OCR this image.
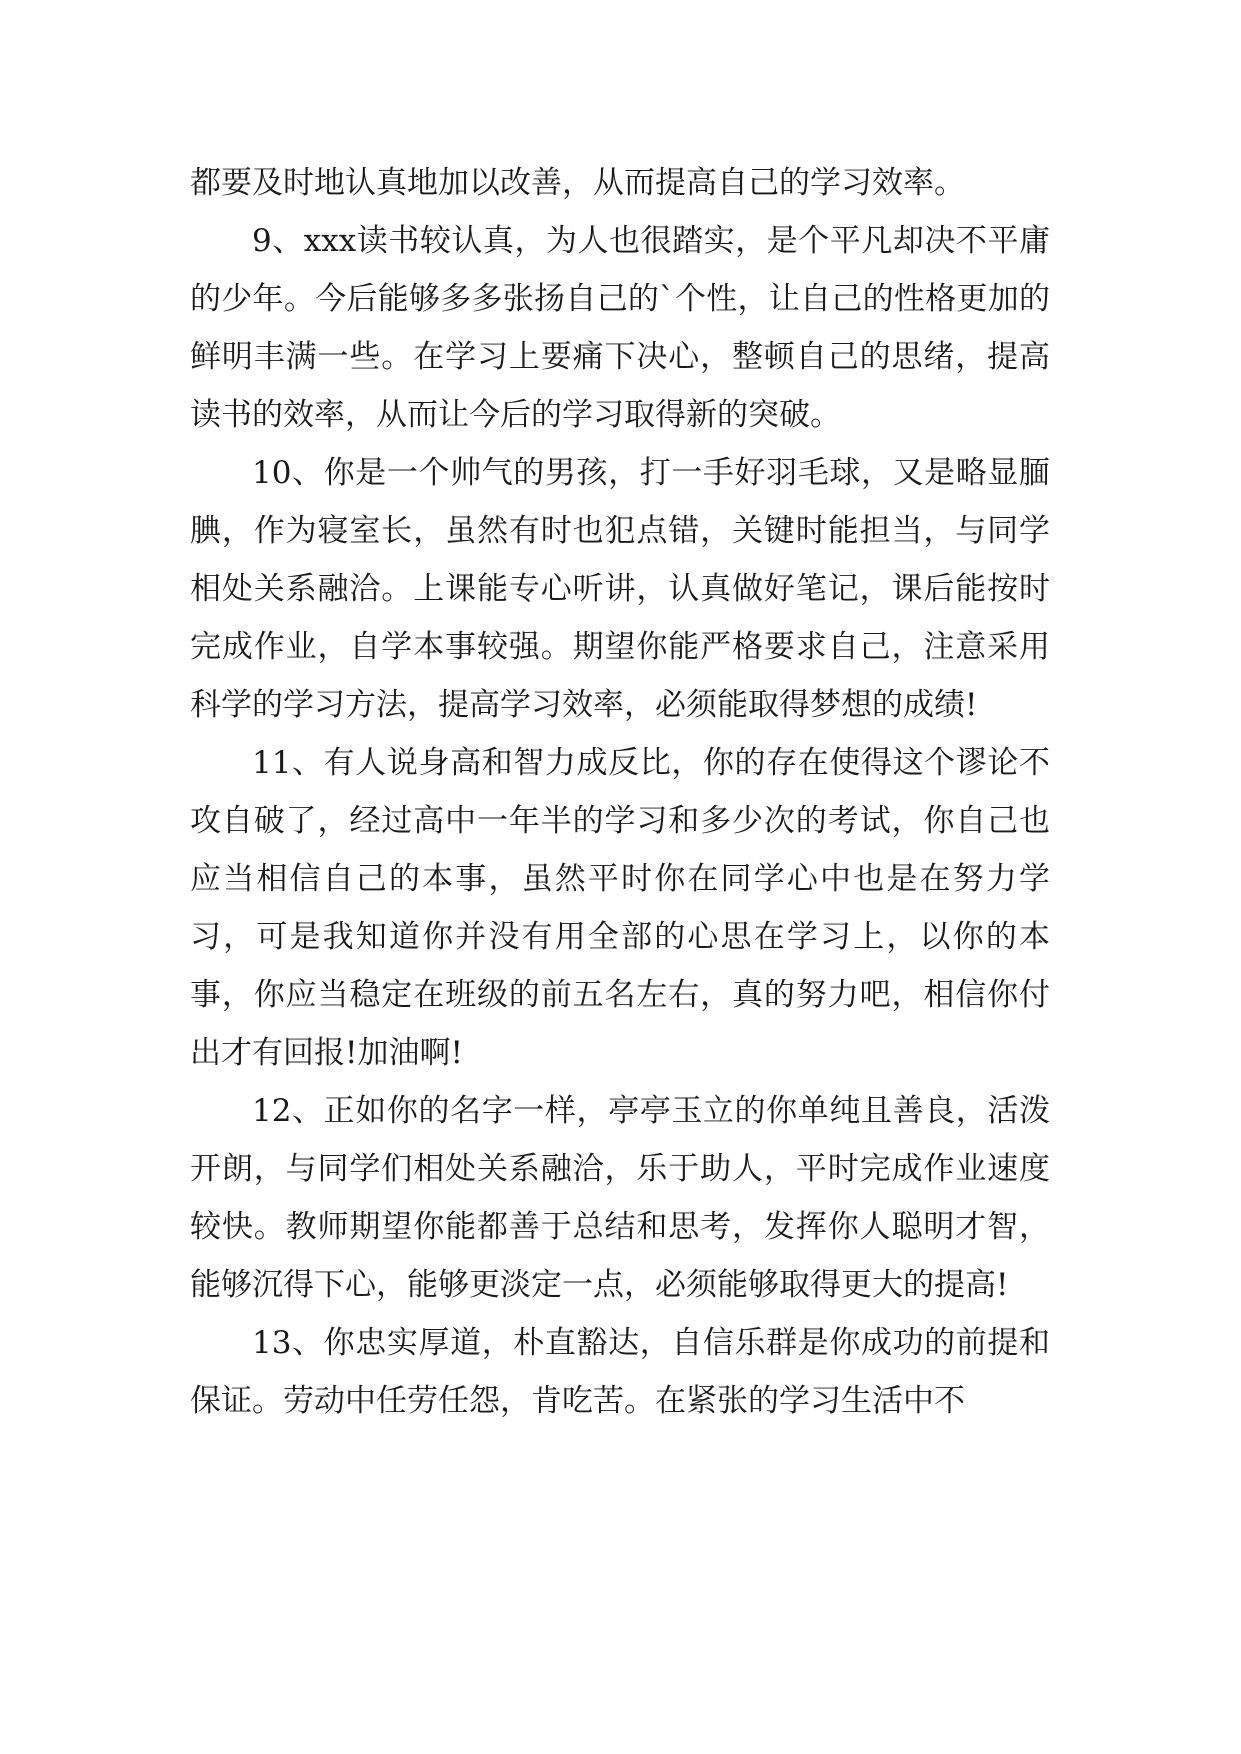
都要及时地认真地加以改善，从而提高自己的学习效率。

9、xxx读书较认真，为人也很踏实，是个平凡却决不平庸的少年。今后能够多多张扬自己的`个性，让自己的性格更加的鲜明丰满一些。在学习上要痛下决心，整顿自己的思绪，提高读书的效率，从而让今后的学习取得新的突破。

10、你是一个帅气的男孩，打一手好羽毛球，又是略显腼腆，作为寝室长，虽然有时也犯点错，关键时能担当，与同学相处关系融洽。上课能专心听讲，认真做好笔记，课后能按时完成作业，自学本事较强。期望你能严格要求自己，注意采用科学的学习方法，提高学习效率，必须能取得梦想的成绩!

11、有人说身高和智力成反比，你的存在使得这个谬论不攻自破了，经过高中一年半的学习和多少次的考试，你自己也应当相信自己的本事，虽然平时你在同学心中也是在努力学习，可是我知道你并没有用全部的心思在学习上，以你的本事，你应当稳定在班级的前五名左右，真的努力吧，相信你付出才有回报!加油啊!

12、正如你的名字一样，亭亭玉立的你单纯且善良，活泼开朗，与同学们相处关系融洽，乐于助人，平时完成作业速度较快。教师期望你能都善于总结和思考，发挥你人聪明才智，能够沉得下心，能够更淡定一点，必须能够取得更大的提高!

13、你忠实厚道，朴直豁达，自信乐群是你成功的前提和保证。劳动中任劳任怨，肯吃苦。在紧张的学习生活中不
